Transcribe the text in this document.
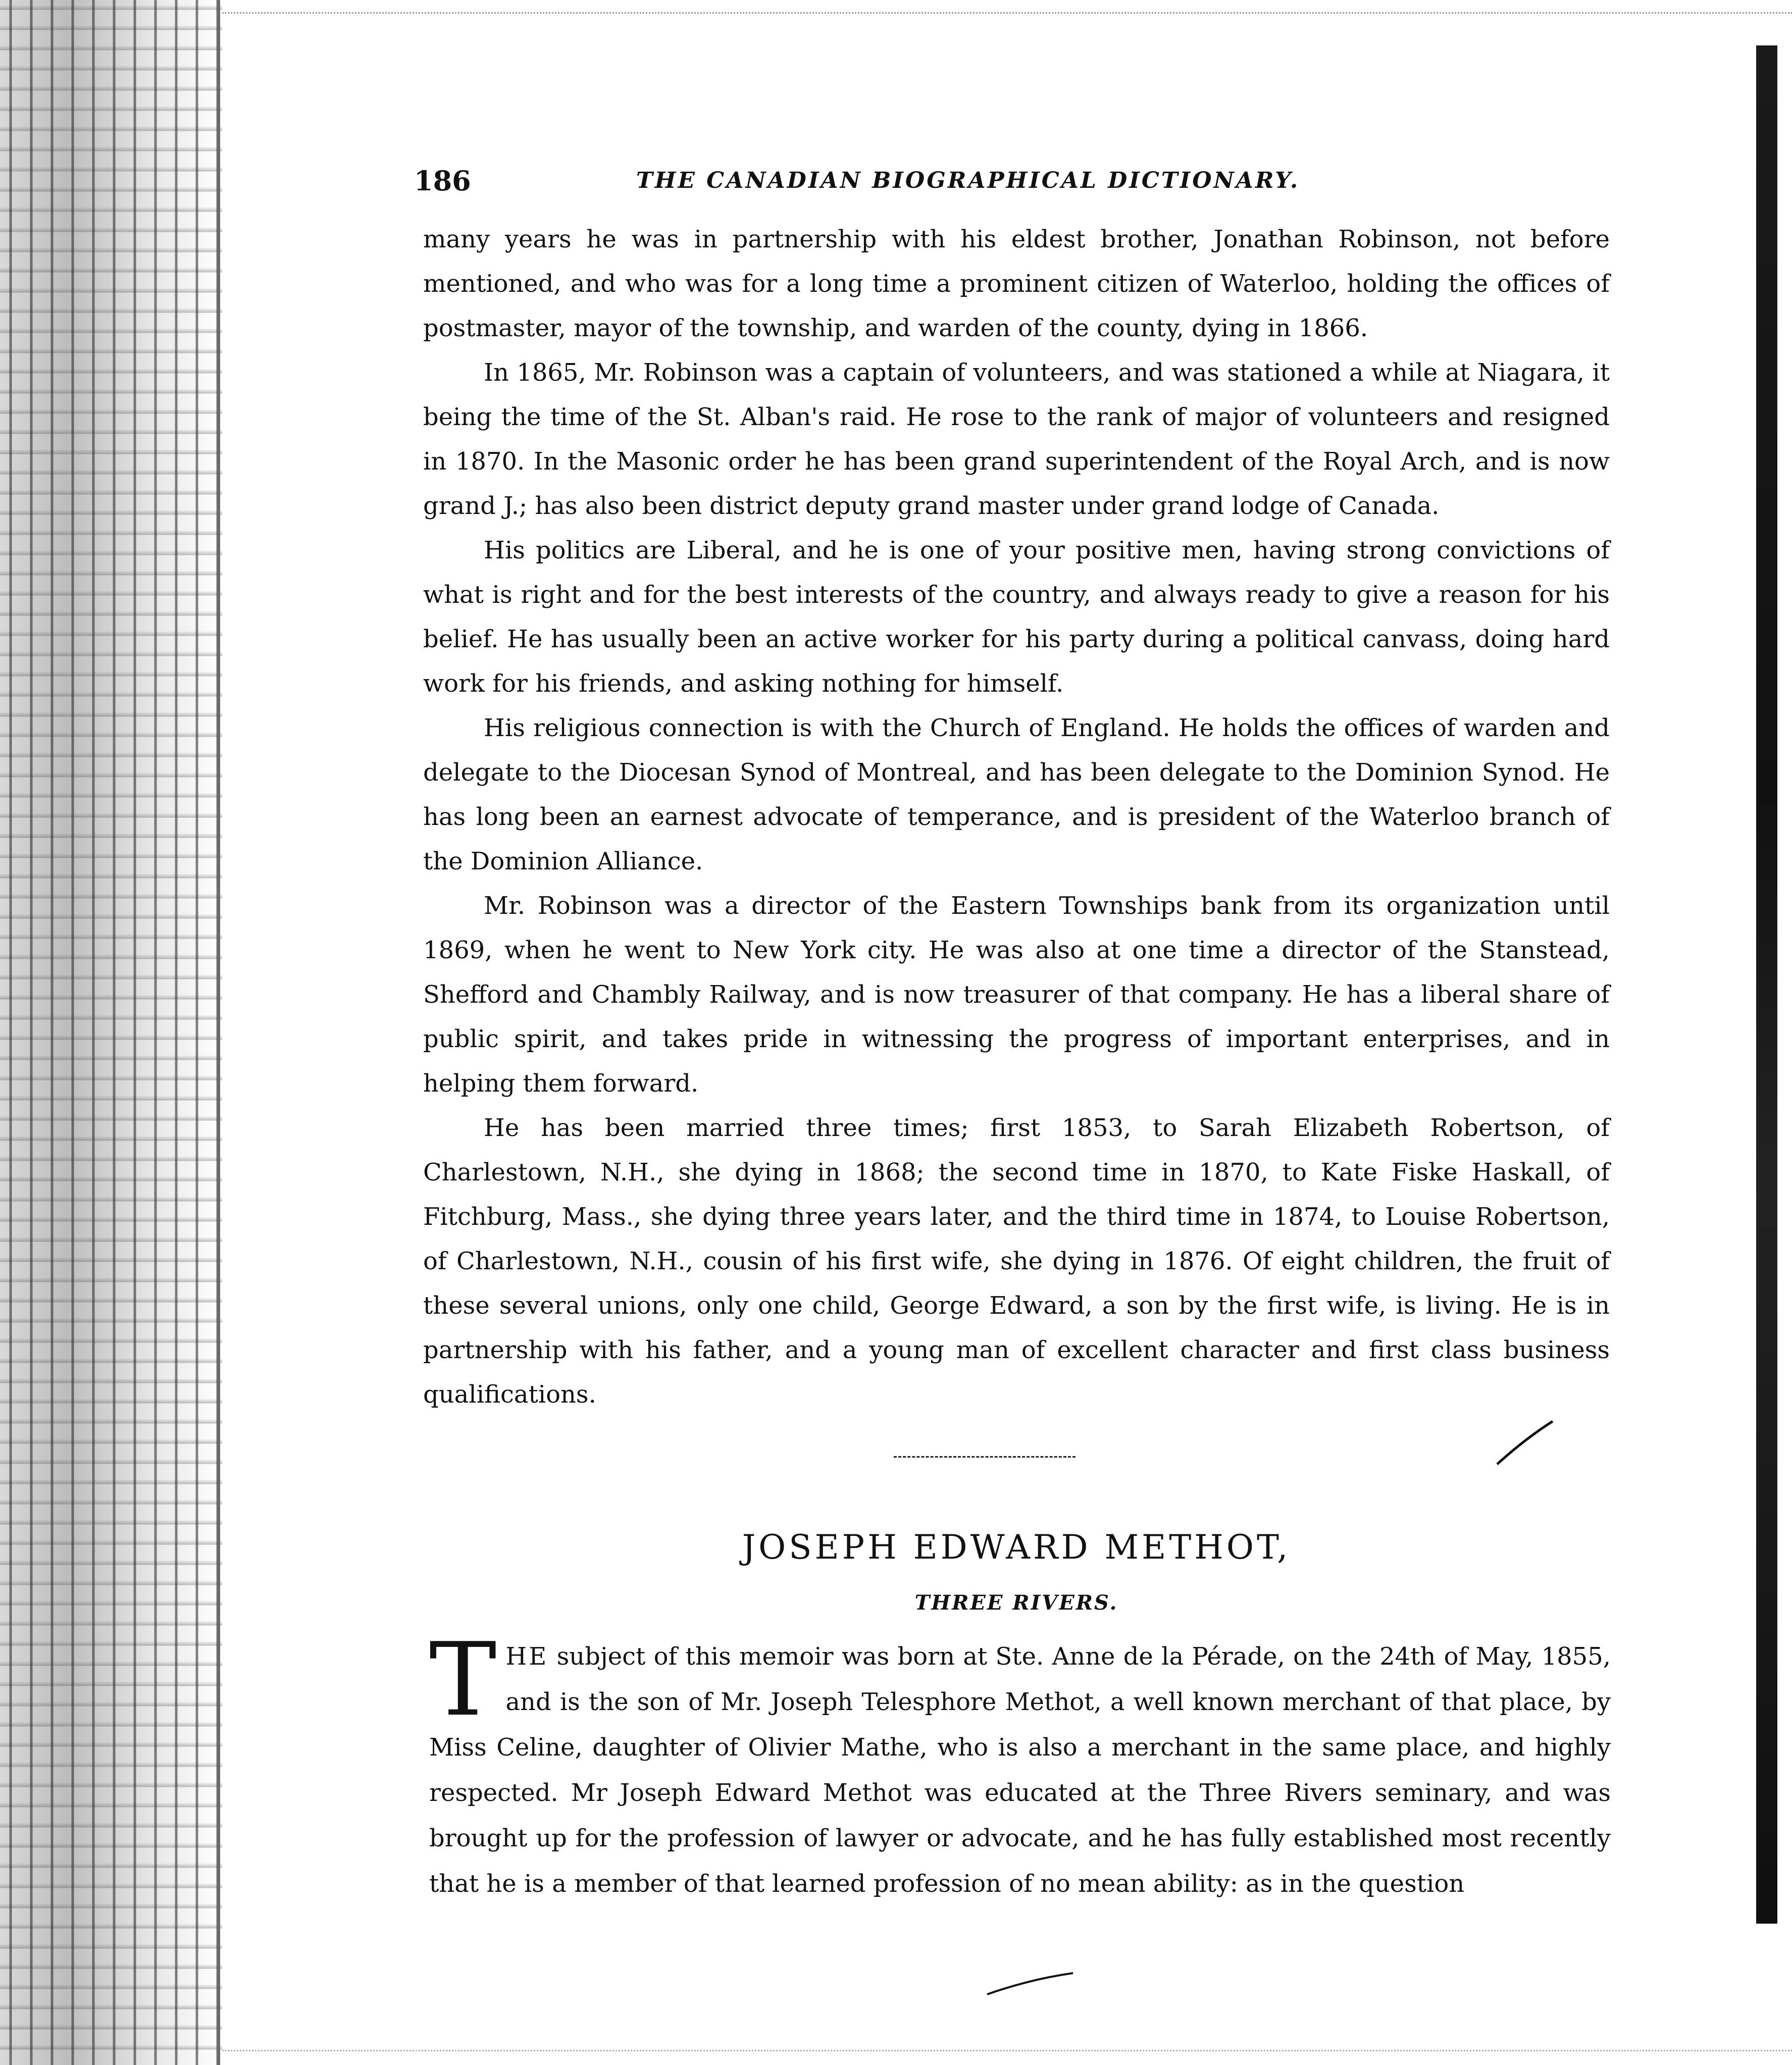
186	THE CANADIAN BIOGRAPHICAL DICTIONARY.

many years he was in partnership with his eldest brother, Jonathan Robinson, not before mentioned, and who was for a long time a prominent citizen of Waterloo, holding the offices of postmaster, mayor of the township, and warden of the county, dying in 1866.

In 1865, Mr. Robinson was a captain of volunteers, and was stationed a while at Niagara, it being the time of the St. Alban's raid. He rose to the rank of major of volunteers and resigned in 1870. In the Masonic order he has been grand superintendent of the Royal Arch, and is now grand J.; has also been district deputy grand master under grand lodge of Canada.

His politics are Liberal, and he is one of your positive men, having strong convictions of what is right and for the best interests of the country, and always ready to give a reason for his belief. He has usually been an active worker for his party during a political canvass, doing hard work for his friends, and asking nothing for himself.

His religious connection is with the Church of England. He holds the offices of warden and delegate to the Diocesan Synod of Montreal, and has been delegate to the Dominion Synod. He has long been an earnest advocate of temperance, and is president of the Waterloo branch of the Dominion Alliance.

Mr. Robinson was a director of the Eastern Townships bank from its organization until 1869, when he went to New York city. He was also at one time a director of the Stanstead, Shefford and Chambly Railway, and is now treasurer of that company. He has a liberal share of public spirit, and takes pride in witnessing the progress of important enterprises, and in helping them forward.

He has been married three times; first 1853, to Sarah Elizabeth Robertson, of Charlestown, N.H., she dying in 1868; the second time in 1870, to Kate Fiske Haskall, of Fitchburg, Mass., she dying three years later, and the third time in 1874, to Louise Robertson, of Charlestown, N.H., cousin of his first wife, she dying in 1876. Of eight children, the fruit of these several unions, only one child, George Edward, a son by the first wife, is living. He is in partnership with his father, and a young man of excellent character and first class business qualifications.

JOSEPH EDWARD METHOT,
THREE RIVERS.

T HE subject of this memoir was born at Ste. Anne de la Pérade, on the 24th of May, 1855, and is the son of Mr. Joseph Telesphore Methot, a well known merchant of that place, by Miss Celine, daughter of Olivier Mathe, who is also a merchant in the same place, and highly respected. Mr Joseph Edward Methot was educated at the Three Rivers seminary, and was brought up for the profession of lawyer or advocate, and he has fully established most recently that he is a member of that learned profession of no mean ability: as in the question
